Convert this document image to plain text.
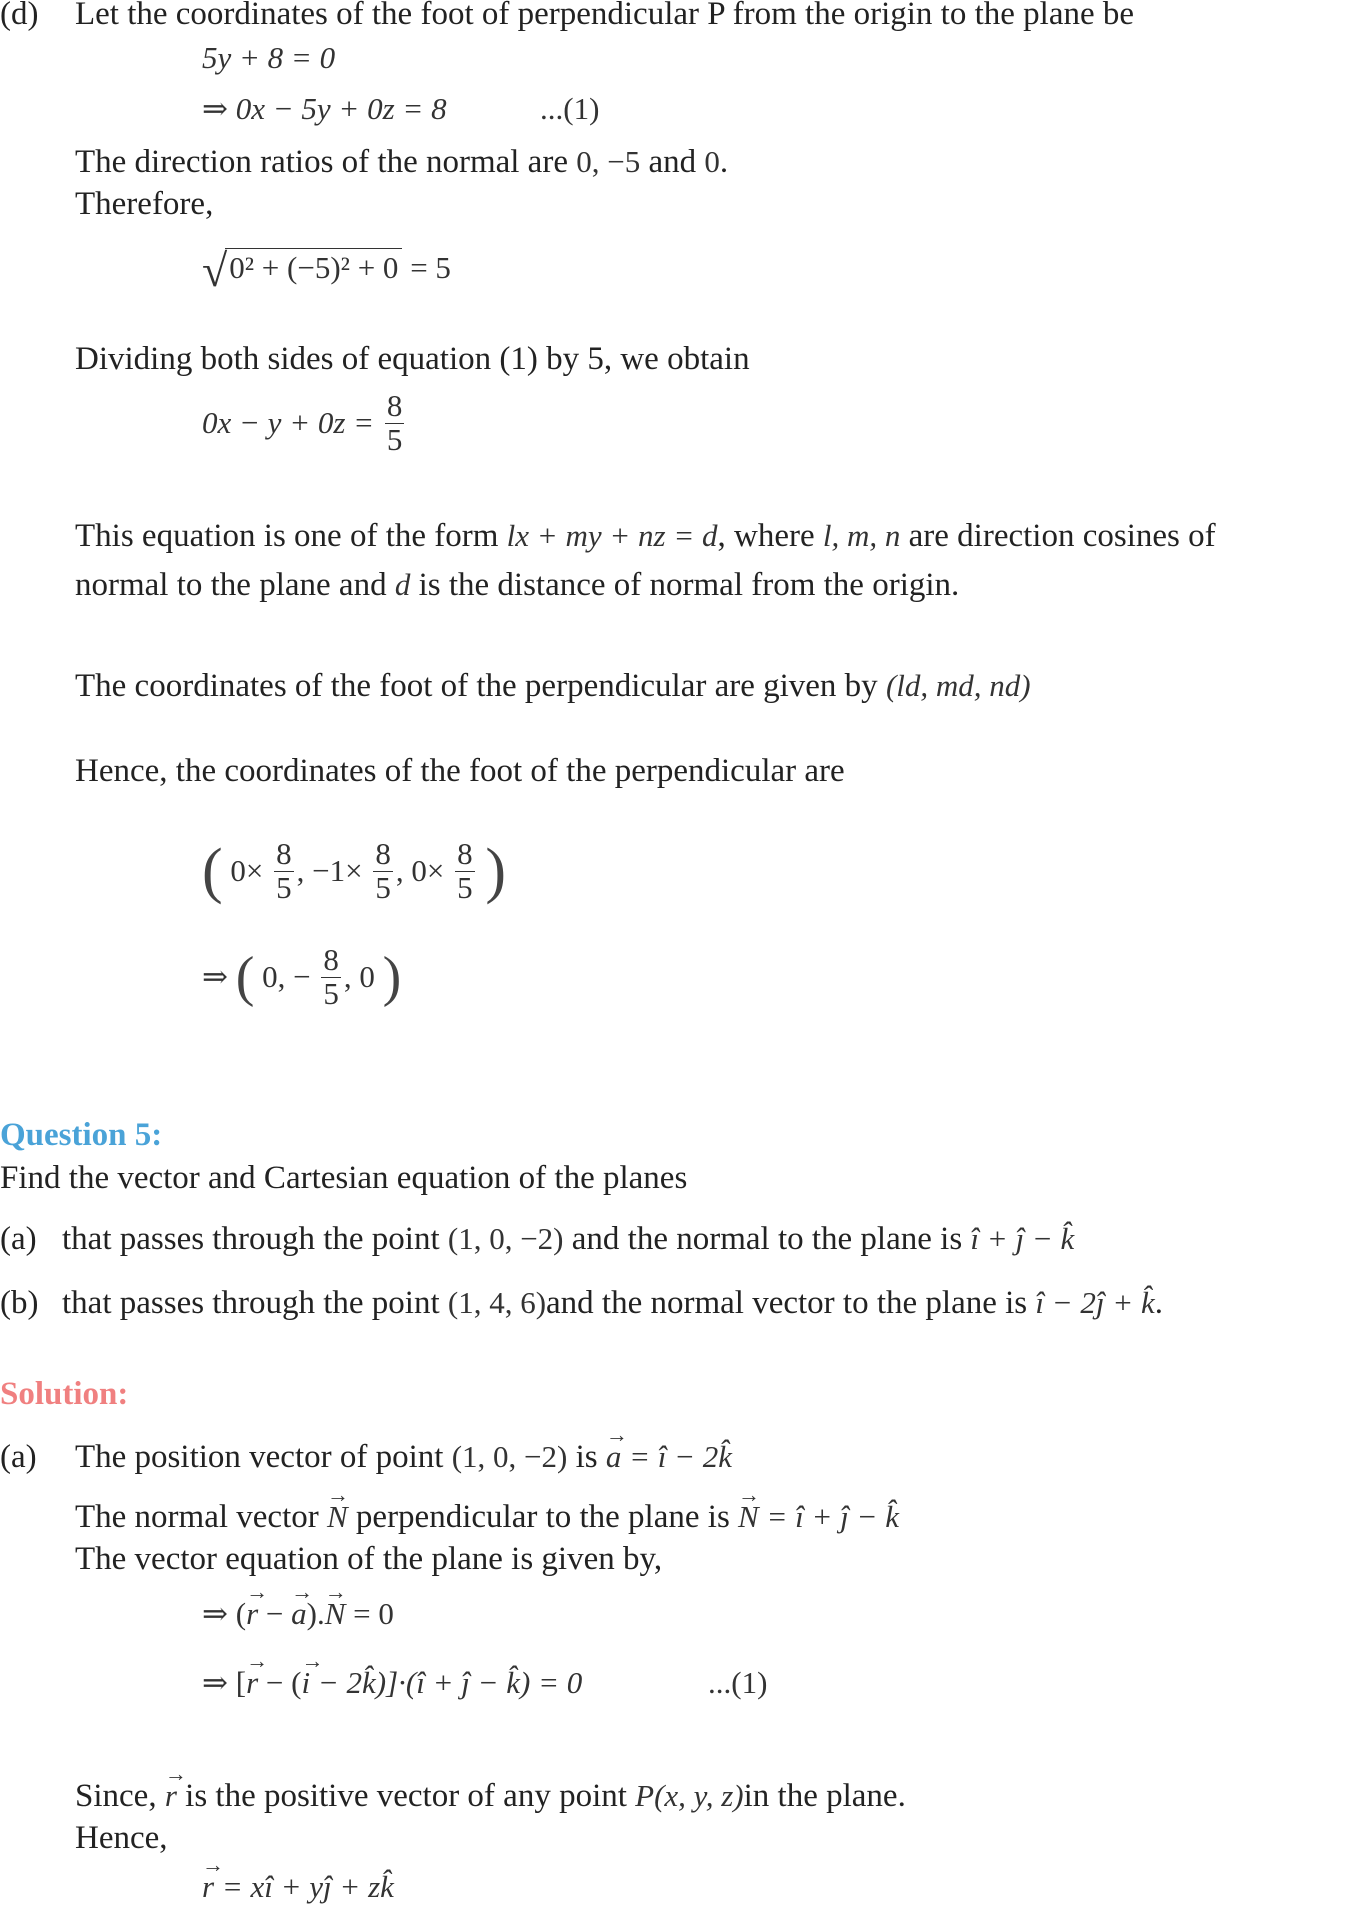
(d) Let the coordinates of the foot of perpendicular P from the origin to the plane be
5y + 8 = 0
⇒ 0x − 5y + 0z = 8	...(1)
The direction ratios of the normal are 0, −5 and 0.
Therefore,
√0² + (−5)² + 0 = 5
Dividing both sides of equation (1) by 5, we obtain
$0x - y + 0z = \frac{8}{5}$
This equation is one of the form lx + my + nz = d, where l, m, n are direction cosines of
normal to the plane and d is the distance of normal from the origin.
The coordinates of the foot of the perpendicular are given by (ld, md, nd)
Hence, the coordinates of the foot of the perpendicular are
( $0\times \frac{8}{5}$ , $-1\times \frac{8}{5}$ , $0\times \frac{8}{5}$ )
⇒ ( 0, − $\frac{8}{5}$ , 0 )
Question 5:
Find the vector and Cartesian equation of the planes
(a) that passes through the point (1, 0, −2) and the normal to the plane is î + ĵ − k̂
(b) that passes through the point (1, 4, 6)and the normal vector to the plane is î − 2ĵ + k̂.
Solution:
(a) The position vector of point (1, 0, −2) is → a = î − 2k̂
The normal vector → N perpendicular to the plane is → N = î + ĵ − k̂
The vector equation of the plane is given by,
⇒ (→ r − → a).→ N = 0
⇒ [→ r − (→ i − 2k̂)]·(î + ĵ − k̂) = 0	...(1)
Since, → r is the positive vector of any point P(x, y, z)in the plane.
Hence,
→ r = xî + yĵ + zk̂
